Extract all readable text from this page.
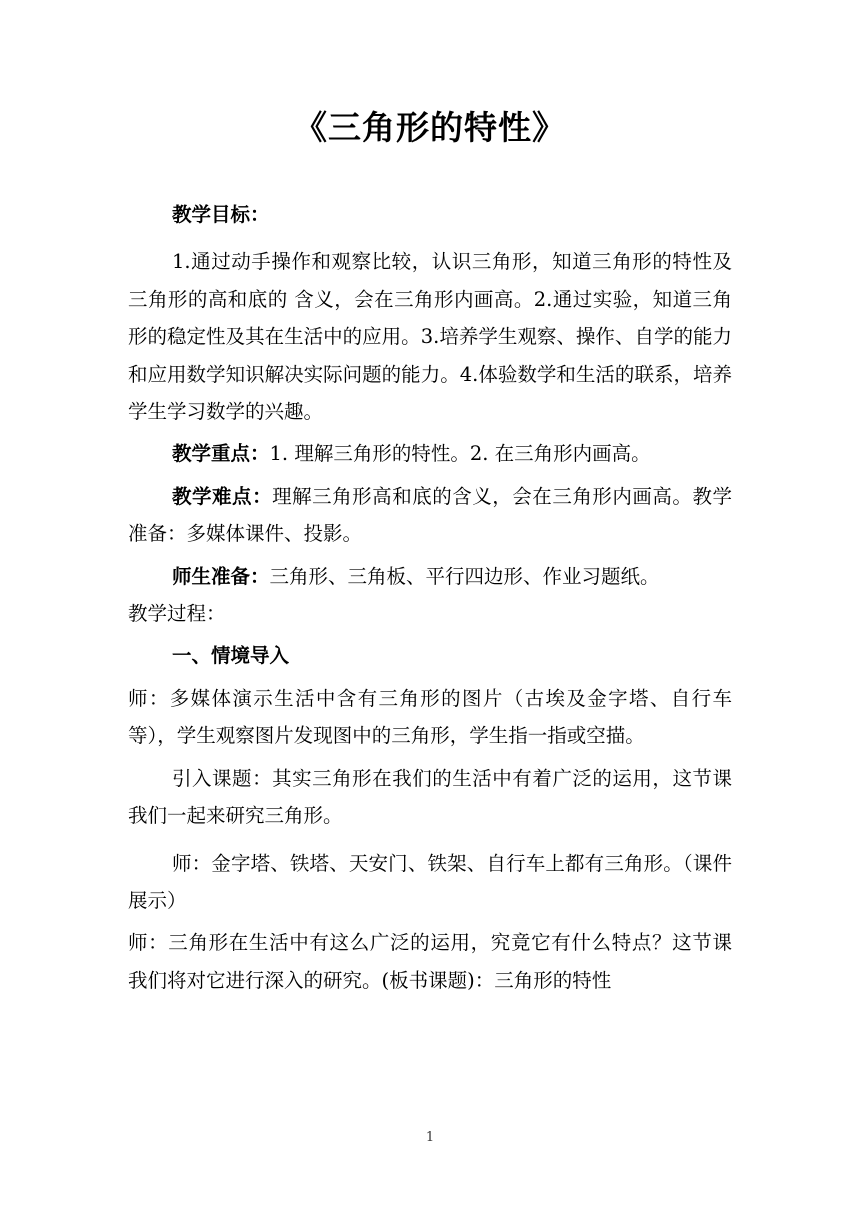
《三角形的特性》

教学目标：

1.通过动手操作和观察比较，认识三角形，知道三角形的特性及三角形的高和底的 含义，会在三角形内画高。2.通过实验，知道三角形的稳定性及其在生活中的应用。3.培养学生观察、操作、自学的能力和应用数学知识解决实际问题的能力。4.体验数学和生活的联系，培养学生学习数学的兴趣。

教学重点：1. 理解三角形的特性。2. 在三角形内画高。

教学难点：理解三角形高和底的含义，会在三角形内画高。教学准备：多媒体课件、投影。

师生准备：三角形、三角板、平行四边形、作业习题纸。

教学过程：

一、情境导入

师：多媒体演示生活中含有三角形的图片（古埃及金字塔、自行车等），学生观察图片发现图中的三角形，学生指一指或空描。

引入课题：其实三角形在我们的生活中有着广泛的运用，这节课我们一起来研究三角形。

师：金字塔、铁塔、天安门、铁架、自行车上都有三角形。（课件展示）

师：三角形在生活中有这么广泛的运用，究竟它有什么特点？这节课我们将对它进行深入的研究。(板书课题)：三角形的特性

1
